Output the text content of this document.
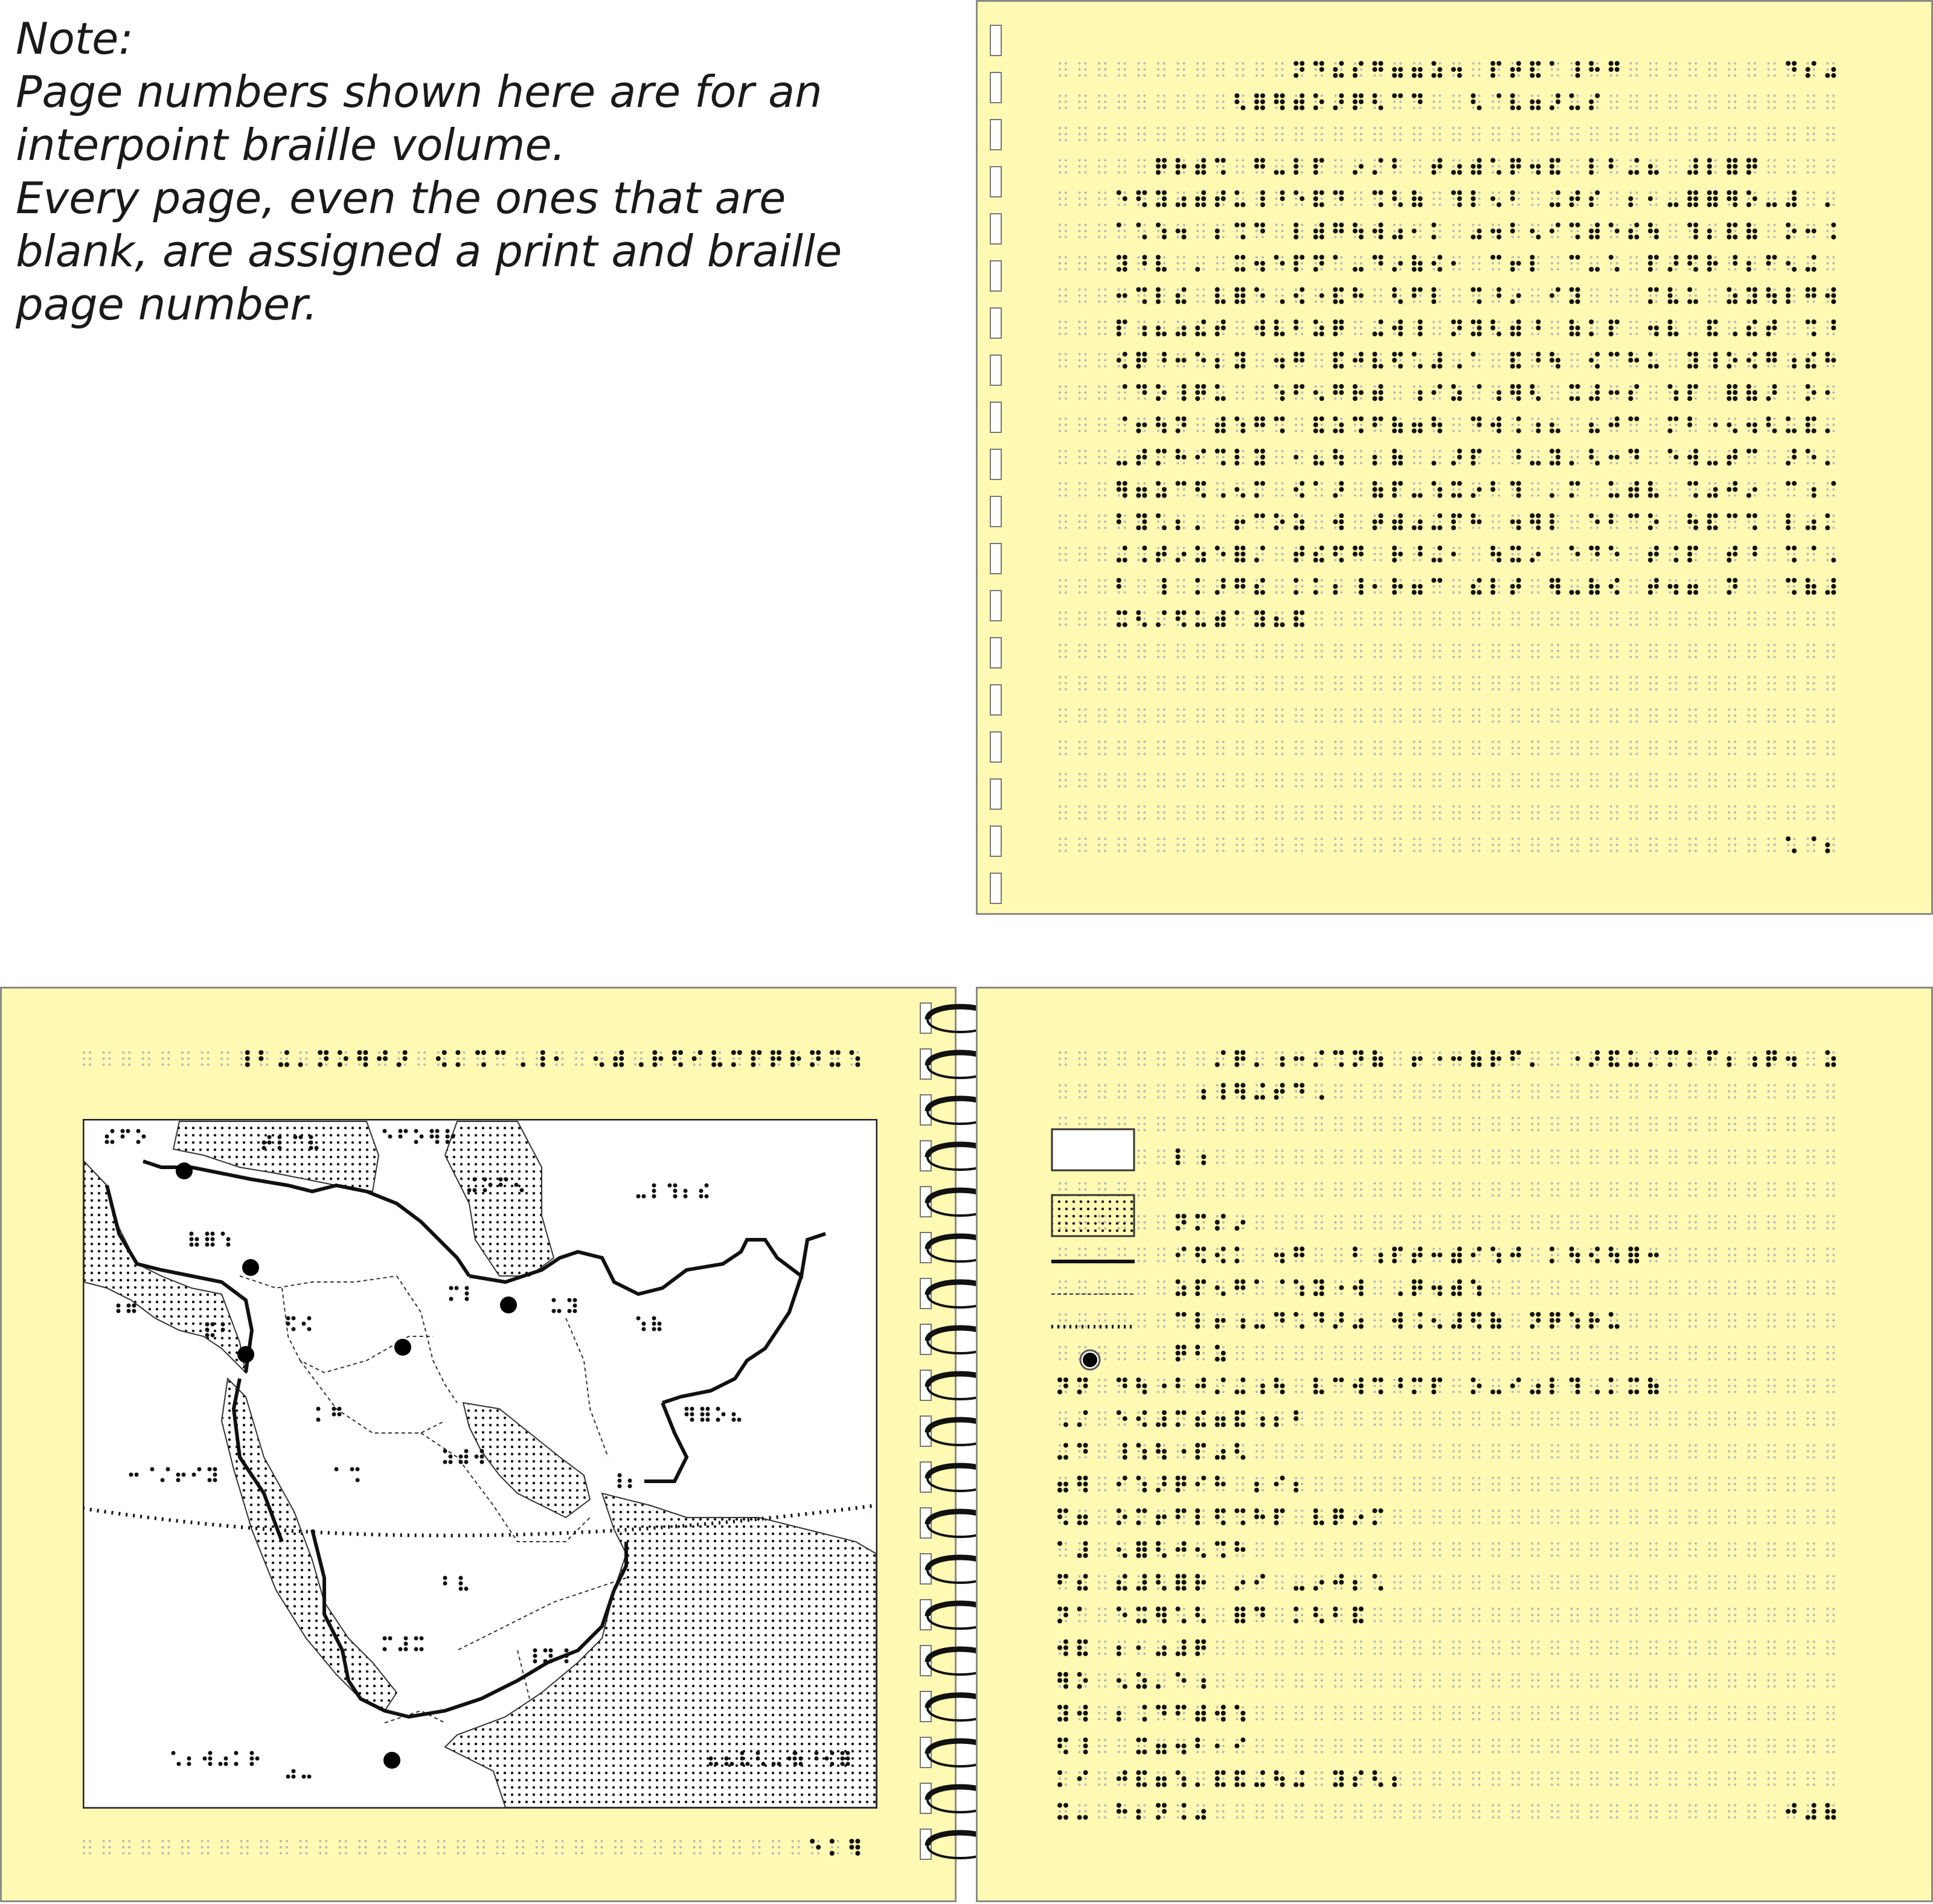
Note:
Page numbers shown here are for an
interpoint braille volume.
Every page, even the ones that are
blank, are assigned a print and braille
page number.
